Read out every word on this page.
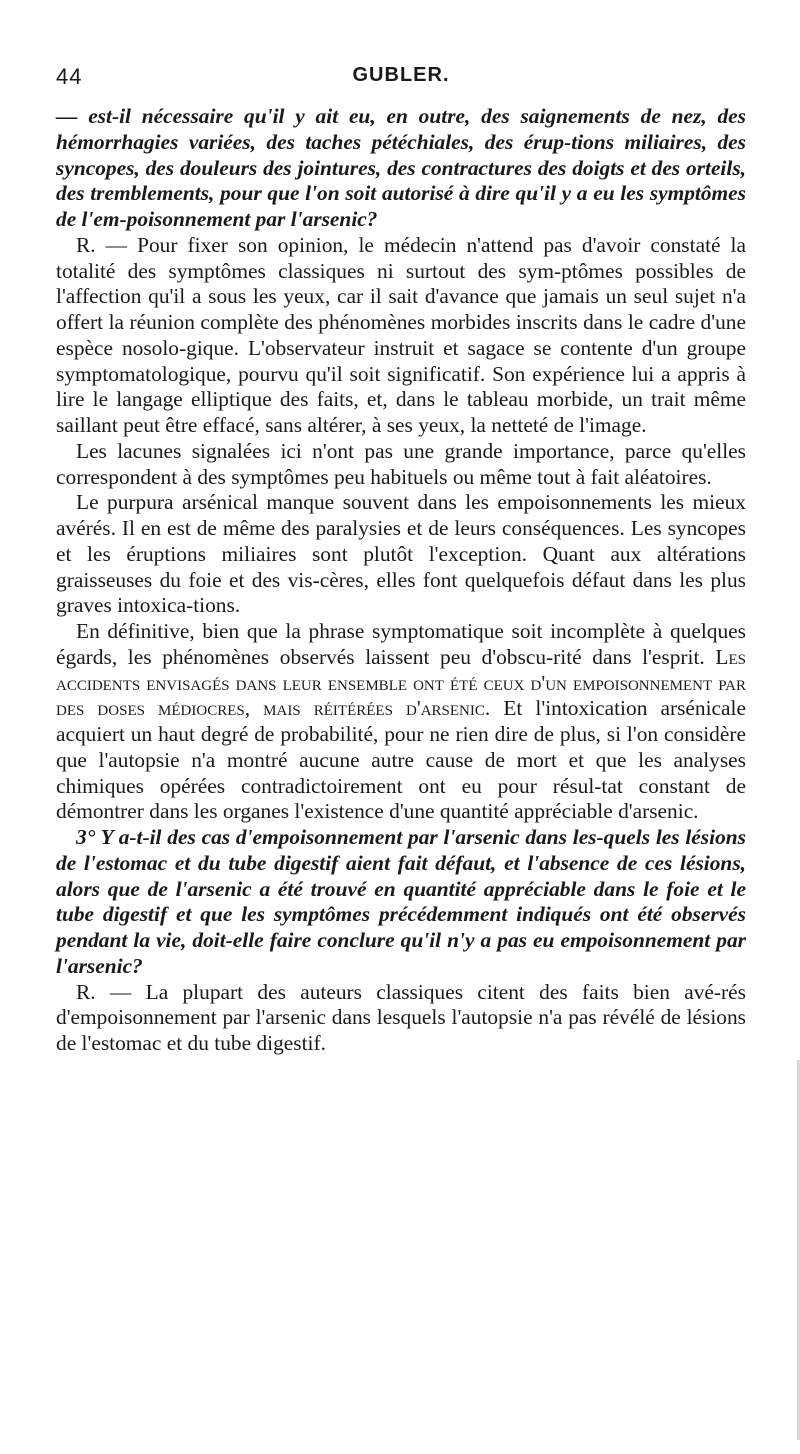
44	GUBLER.

— est-il nécessaire qu'il y ait eu, en outre, des saignements de nez, des hémorrhagies variées, des taches pétéchiales, des érup-tions miliaires, des syncopes, des douleurs des jointures, des contractures des doigts et des orteils, des tremblements, pour que l'on soit autorisé à dire qu'il y a eu les symptômes de l'em-poisonnement par l'arsenic?

R. — Pour fixer son opinion, le médecin n'attend pas d'avoir constaté la totalité des symptômes classiques ni surtout des sym-ptômes possibles de l'affection qu'il a sous les yeux, car il sait d'avance que jamais un seul sujet n'a offert la réunion complète des phénomènes morbides inscrits dans le cadre d'une espèce nosolo-gique. L'observateur instruit et sagace se contente d'un groupe symptomatologique, pourvu qu'il soit significatif. Son expérience lui a appris à lire le langage elliptique des faits, et, dans le tableau morbide, un trait même saillant peut être effacé, sans altérer, à ses yeux, la netteté de l'image.

Les lacunes signalées ici n'ont pas une grande importance, parce qu'elles correspondent à des symptômes peu habituels ou même tout à fait aléatoires.

Le purpura arsénical manque souvent dans les empoisonnements les mieux avérés. Il en est de même des paralysies et de leurs conséquences. Les syncopes et les éruptions miliaires sont plutôt l'exception. Quant aux altérations graisseuses du foie et des vis-cères, elles font quelquefois défaut dans les plus graves intoxica-tions.

En définitive, bien que la phrase symptomatique soit incomplète à quelques égards, les phénomènes observés laissent peu d'obscu-rité dans l'esprit. Les accidents envisagés dans leur ensemble ont été ceux d'un empoisonnement par des doses médiocres, mais réitérées d'arsenic. Et l'intoxication arsénicale acquiert un haut degré de probabilité, pour ne rien dire de plus, si l'on considère que l'autopsie n'a montré aucune autre cause de mort et que les analyses chimiques opérées contradictoirement ont eu pour résul-tat constant de démontrer dans les organes l'existence d'une quantité appréciable d'arsenic.

3° Y a-t-il des cas d'empoisonnement par l'arsenic dans les-quels les lésions de l'estomac et du tube digestif aient fait défaut, et l'absence de ces lésions, alors que de l'arsenic a été trouvé en quantité appréciable dans le foie et le tube digestif et que les symptômes précédemment indiqués ont été observés pendant la vie, doit-elle faire conclure qu'il n'y a pas eu empoisonnement par l'arsenic?

R. — La plupart des auteurs classiques citent des faits bien avé-rés d'empoisonnement par l'arsenic dans lesquels l'autopsie n'a pas révélé de lésions de l'estomac et du tube digestif.
